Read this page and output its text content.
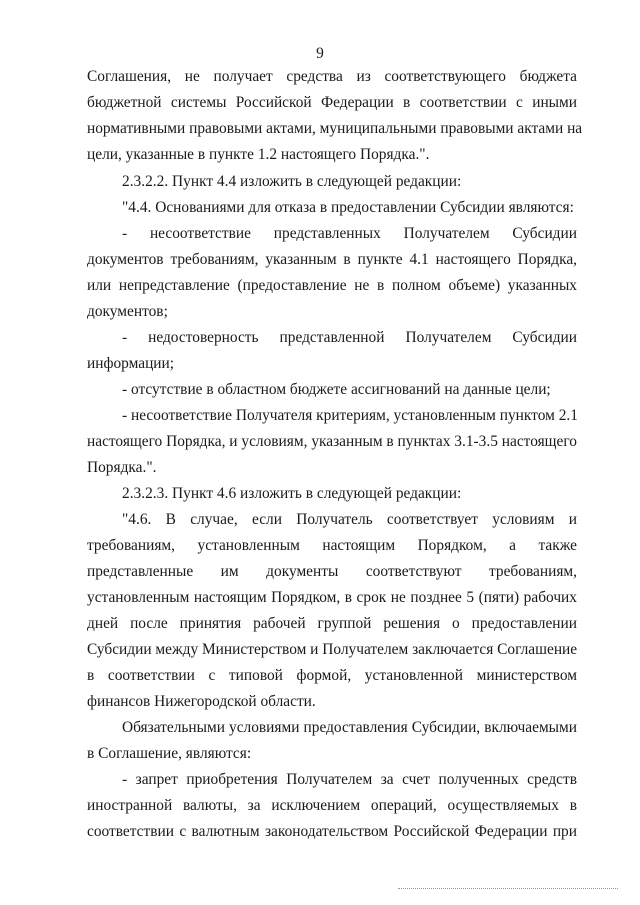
9
Соглашения, не получает средства из соответствующего бюджета
бюджетной системы Российской Федерации в соответствии с иными
нормативными правовыми актами, муниципальными правовыми актами на
цели, указанные в пункте 1.2 настоящего Порядка.".
2.3.2.2. Пункт 4.4 изложить в следующей редакции:
"4.4. Основаниями для отказа в предоставлении Субсидии являются:
- несоответствие представленных Получателем Субсидии
документов требованиям, указанным в пункте 4.1 настоящего Порядка,
или непредставление (предоставление не в полном объеме) указанных
документов;
- недостоверность представленной Получателем Субсидии
информации;
- отсутствие в областном бюджете ассигнований на данные цели;
- несоответствие Получателя критериям, установленным пунктом 2.1
настоящего Порядка, и условиям, указанным в пунктах 3.1-3.5 настоящего
Порядка.".
2.3.2.3. Пункт 4.6 изложить в следующей редакции:
"4.6. В случае, если Получатель соответствует условиям и
требованиям, установленным настоящим Порядком, а также
представленные им документы соответствуют требованиям,
установленным настоящим Порядком, в срок не позднее 5 (пяти) рабочих
дней после принятия рабочей группой решения о предоставлении
Субсидии между Министерством и Получателем заключается Соглашение
в соответствии с типовой формой, установленной министерством
финансов Нижегородской области.
Обязательными условиями предоставления Субсидии, включаемыми
в Соглашение, являются:
- запрет приобретения Получателем за счет полученных средств
иностранной валюты, за исключением операций, осуществляемых в
соответствии с валютным законодательством Российской Федерации при
